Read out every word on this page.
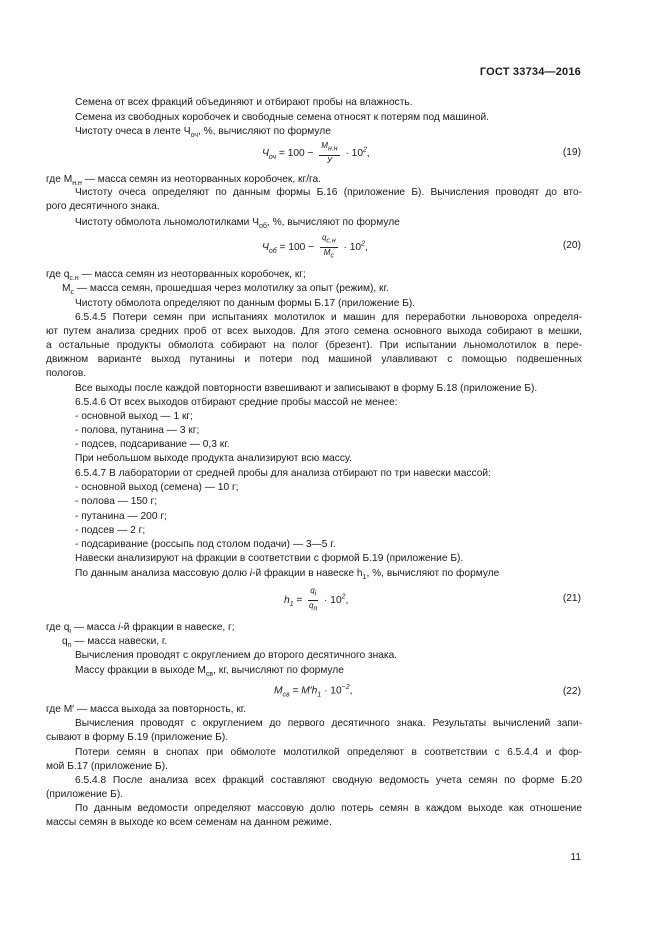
ГОСТ 33734—2016
Семена от всех фракций объединяют и отбирают пробы на влажность.
Семена из свободных коробочек и свободные семена относят к потерям под машиной.
Чистоту очеса в ленте $Ч_{оч}$, %, вычисляют по формуле
$Ч_{оч} = 100 - \frac{M_{н.н}}{У} \cdot 10^2$,	(19)
где $M_{н.н}$ — масса семян из неоторванных коробочек, кг/га.
Чистоту очеса определяют по данным формы Б.16 (приложение Б). Вычисления проводят до вто-
рого десятичного знака.
Чистоту обмолота льномолотилками $Ч_{об}$, %, вычисляют по формуле
$Ч_{об} = 100 - \frac{q_{с.н}}{M_с} \cdot 10^2$,	(20)
где $q_{с.н}$ — масса семян из неоторванных коробочек, кг;
$M_с$ — масса семян, прошедшая через молотилку за опыт (режим), кг.
Чистоту обмолота определяют по данным формы Б.17 (приложение Б).
6.5.4.5 Потери семян при испытаниях молотилок и машин для переработки льновороха определя-
ют путем анализа средних проб от всех выходов. Для этого семена основного выхода собирают в мешки,
а остальные продукты обмолота собирают на полог (брезент). При испытании льномолотилок в пере-
движном варианте выход путанины и потери под машиной улавливают с помощью подвешенных
пологов.
Все выходы после каждой повторности взвешивают и записывают в форму Б.18 (приложение Б).
6.5.4.6 От всех выходов отбирают средние пробы массой не менее:
- основной выход — 1 кг;
- полова, путанина — 3 кг;
- подсев, подсаривание — 0,3 кг.
При небольшом выходе продукта анализируют всю массу.
6.5.4.7 В лаборатории от средней пробы для анализа отбирают по три навески массой:
- основной выход (семена) — 10 г;
- полова — 150 г;
- путанина — 200 г;
- подсев — 2 г;
- подсаривание (россыпь под столом подачи) — 3—5 г.
Навески анализируют на фракции в соответствии с формой Б.19 (приложение Б).
По данным анализа массовую долю i-й фракции в навеске $h_1$, %, вычисляют по формуле
$h_1 = \frac{q_i}{q_n} \cdot 10^2$,	(21)
где $q_i$ — масса i-й фракции в навеске, г;
$q_n$ — масса навески, г.
Вычисления проводят с округлением до второго десятичного знака.
Массу фракции в выходе $M_{св}$, кг, вычисляют по формуле
$M_{св} = M'h_1 \cdot 10^{-2}$,	(22)
где M′ — масса выхода за повторность, кг.
Вычисления проводят с округлением до первого десятичного знака. Результаты вычислений запи-
сывают в форму Б.19 (приложение Б).
Потери семян в снопах при обмолоте молотилкой определяют в соответствии с 6.5.4.4 и фор-
мой Б.17 (приложение Б).
6.5.4.8 После анализа всех фракций составляют сводную ведомость учета семян по форме Б.20
(приложение Б).
По данным ведомости определяют массовую долю потерь семян в каждом выходе как отношение
массы семян в выходе ко всем семенам на данном режиме.
11
